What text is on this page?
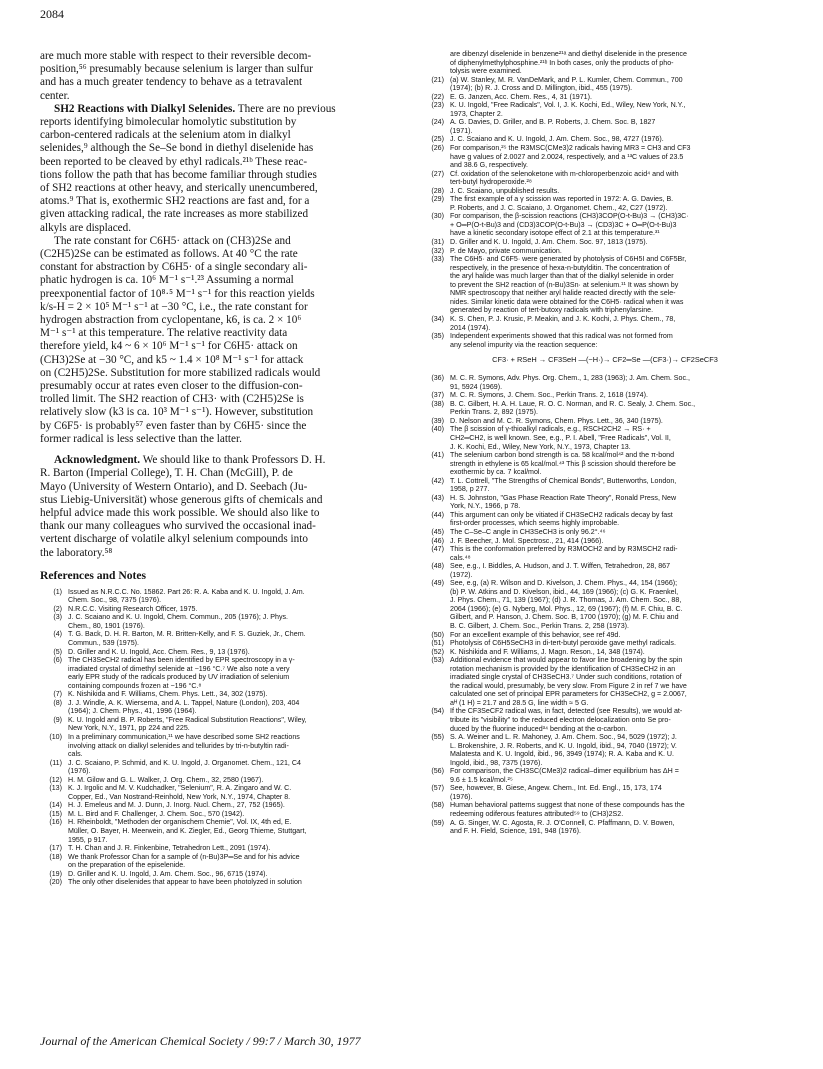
2084

are much more stable with respect to their reversible decom-
position,⁵⁶ presumably because selenium is larger than sulfur
and has a much greater tendency to behave as a tetravalent
center.

SH2 Reactions with Dialkyl Selenides. There are no previous
reports identifying bimolecular homolytic substitution by
carbon-centered radicals at the selenium atom in dialkyl
selenides,⁹ although the Se–Se bond in diethyl diselenide has
been reported to be cleaved by ethyl radicals.²¹ᵇ These reac-
tions follow the path that has become familiar through studies
of SH2 reactions at other heavy, and sterically unencumbered,
atoms.⁹ That is, exothermic SH2 reactions are fast and, for a
given attacking radical, the rate increases as more stabilized
alkyls are displaced.

The rate constant for C6H5· attack on (CH3)2Se and
(C2H5)2Se can be estimated as follows. At 40 °C the rate
constant for abstraction by C6H5· of a single secondary ali-
phatic hydrogen is ca. 10⁶ M⁻¹ s⁻¹.²³ Assuming a normal
preexponential factor of 10⁸·⁵ M⁻¹ s⁻¹ for this reaction yields
k/s-H = 2 × 10⁵ M⁻¹ s⁻¹ at −30 °C, i.e., the rate constant for
hydrogen abstraction from cyclopentane, k6, is ca. 2 × 10⁶
M⁻¹ s⁻¹ at this temperature. The relative reactivity data
therefore yield, k4 ~ 6 × 10⁶ M⁻¹ s⁻¹ for C6H5· attack on
(CH3)2Se at −30 °C, and k5 ~ 1.4 × 10⁸ M⁻¹ s⁻¹ for attack
on (C2H5)2Se. Substitution for more stabilized radicals would
presumably occur at rates even closer to the diffusion-con-
trolled limit. The SH2 reaction of CH3· with (C2H5)2Se is
relatively slow (k3 is ca. 10³ M⁻¹ s⁻¹). However, substitution
by C6F5· is probably⁵⁷ even faster than by C6H5· since the
former radical is less selective than the latter.

Acknowledgment. We should like to thank Professors D. H.
R. Barton (Imperial College), T. H. Chan (McGill), P. de
Mayo (University of Western Ontario), and D. Seebach (Ju-
stus Liebig-Universität) whose generous gifts of chemicals and
helpful advice made this work possible. We should also like to
thank our many colleagues who survived the occasional inad-
vertent discharge of volatile alkyl selenium compounds into
the laboratory.⁵⁸

References and Notes
(1) Issued as N.R.C.C. No. 15862. Part 26: R. A. Kaba and K. U. Ingold, J. Am.
Chem. Soc., 98, 7375 (1976).
(2) N.R.C.C. Visiting Research Officer, 1975.
(3) J. C. Scaiano and K. U. Ingold, Chem. Commun., 205 (1976); J. Phys.
Chem., 80, 1901 (1976).
(4) T. G. Back, D. H. R. Barton, M. R. Britten-Kelly, and F. S. Guziek, Jr., Chem.
Commun., 539 (1975).
(5) D. Griller and K. U. Ingold, Acc. Chem. Res., 9, 13 (1976).
(6) The CH3SeCH2 radical has been identified by EPR spectroscopy in a γ-
irradiated crystal of dimethyl selenide at −196 °C.⁷ We also note a very
early EPR study of the radicals produced by UV irradiation of selenium
containing compounds frozen at −196 °C.⁸
(7) K. Nishikida and F. Williams, Chem. Phys. Lett., 34, 302 (1975).
(8) J. J. Windle, A. K. Wiersema, and A. L. Tappel, Nature (London), 203, 404
(1964); J. Chem. Phys., 41, 1996 (1964).
(9) K. U. Ingold and B. P. Roberts, "Free Radical Substitution Reactions", Wiley,
New York, N.Y., 1971, pp 224 and 225.
(10) In a preliminary communication,¹¹ we have described some SH2 reactions
involving attack on dialkyl selenides and tellurides by tri-n-butyltin radi-
cals.
(11) J. C. Scaiano, P. Schmid, and K. U. Ingold, J. Organomet. Chem., 121, C4
(1976).
(12) H. M. Gilow and G. L. Walker, J. Org. Chem., 32, 2580 (1967).
(13) K. J. Irgolic and M. V. Kudchadker, "Selenium", R. A. Zingaro and W. C.
Copper, Ed., Van Nostrand-Reinhold, New York, N.Y., 1974, Chapter 8.
(14) H. J. Emeleus and M. J. Dunn, J. Inorg. Nucl. Chem., 27, 752 (1965).
(15) M. L. Bird and F. Challenger, J. Chem. Soc., 570 (1942).
(16) H. Rheinboldt, "Methoden der organischem Chemie", Vol. IX, 4th ed, E.
Müller, O. Bayer, H. Meerwein, and K. Ziegler, Ed., Georg Thieme, Stuttgart,
1955, p 917.
(17) T. H. Chan and J. R. Finkenbine, Tetrahedron Lett., 2091 (1974).
(18) We thank Professor Chan for a sample of (n-Bu)3P═Se and for his advice
on the preparation of the episelenide.
(19) D. Griller and K. U. Ingold, J. Am. Chem. Soc., 96, 6715 (1974).
(20) The only other diselenides that appear to have been photolyzed in solution
are dibenzyl diselenide in benzene²¹ᵃ and diethyl diselenide in the presence
of diphenylmethylphosphine.²¹ᵇ In both cases, only the products of pho-
tolysis were examined.
(21) (a) W. Stanley, M. R. VanDeMark, and P. L. Kumler, Chem. Commun., 700
(1974); (b) R. J. Cross and D. Millington, ibid., 455 (1975).
(22) E. G. Janzen, Acc. Chem. Res., 4, 31 (1971).
(23) K. U. Ingold, "Free Radicals", Vol. I, J. K. Kochi, Ed., Wiley, New York, N.Y.,
1973, Chapter 2.
(24) A. G. Davies, D. Griller, and B. P. Roberts, J. Chem. Soc. B, 1827
(1971).
(25) J. C. Scaiano and K. U. Ingold, J. Am. Chem. Soc., 98, 4727 (1976).
(26) For comparison,²⁵ the R3MSC(CMe3)2 radicals having MR3 = CH3 and CF3
have g values of 2.0027 and 2.0024, respectively, and a ¹³C values of 23.5
and 38.6 G, respectively.
(27) Cf. oxidation of the selenoketone with m-chloroperbenzoic acid⁴ and with
tert-butyl hydroperoxide.²⁸
(28) J. C. Scaiano, unpublished results.
(29) The first example of a γ scission was reported in 1972: A. G. Davies, B.
P. Roberts, and J. C. Scaiano, J. Organomet. Chem., 42, C27 (1972).
(30) For comparison, the β-scission reactions (CH3)3COP(O-t-Bu)3 → (CH3)3C·
+ O═P(O-t-Bu)3 and (CD3)3COP(O-t-Bu)3 → (CD3)3C + O═P(O-t-Bu)3
have a kinetic secondary isotope effect of 2.1 at this temperature.³¹
(31) D. Griller and K. U. Ingold, J. Am. Chem. Soc. 97, 1813 (1975).
(32) P. de Mayo, private communication.
(33) The C6H5· and C6F5· were generated by photolysis of C6H5I and C6F5Br,
respectively, in the presence of hexa-n-butylditin. The concentration of
the aryl halide was much larger than that of the dialkyl selenide in order
to prevent the SH2 reaction of (n-Bu)3Sn· at selenium.¹¹ It was shown by
NMR spectroscopy that neither aryl halide reacted directly with the sele-
nides. Similar kinetic data were obtained for the C6H5· radical when it was
generated by reaction of tert-butoxy radicals with triphenylarsine.
(34) K. S. Chen, P. J. Krusic, P. Meakin, and J. K. Kochi, J. Phys. Chem., 78,
2014 (1974).
(35) Independent experiments showed that this radical was not formed from
any selenol impurity via the reaction sequence:
CF3· + RSeH → CF3SeH —(−H·)→ CF2═Se —(CF3·)→ CF2SeCF3
(36) M. C. R. Symons, Adv. Phys. Org. Chem., 1, 283 (1963); J. Am. Chem. Soc.,
91, 5924 (1969).
(37) M. C. R. Symons, J. Chem. Soc., Perkin Trans. 2, 1618 (1974).
(38) B. C. Gilbert, H. A. H. Laue, R. O. C. Norman, and R. C. Sealy, J. Chem. Soc.,
Perkin Trans. 2, 892 (1975).
(39) D. Nelson and M. C. R. Symons, Chem. Phys. Lett., 36, 340 (1975).
(40) The β scission of γ-thioalkyl radicals, e.g., RSCH2CH2 → RS· +
CH2═CH2, is well known. See, e.g., P. I. Abell, "Free Radicals", Vol. II,
J. K. Kochi, Ed., Wiley, New York, N.Y., 1973, Chapter 13.
(41) The selenium carbon bond strength is ca. 58 kcal/mol⁴² and the π-bond
strength in ethylene is 65 kcal/mol.⁴³ This β scission should therefore be
exothermic by ca. 7 kcal/mol.
(42) T. L. Cottrell, "The Strengths of Chemical Bonds", Butterworths, London,
1958, p 277.
(43) H. S. Johnston, "Gas Phase Reaction Rate Theory", Ronald Press, New
York, N.Y., 1966, p 78.
(44) This argument can only be vitiated if CH3SeCH2 radicals decay by fast
first-order processes, which seems highly improbable.
(45) The C–Se–C angle in CH3SeCH3 is only 96.2°.⁴⁶
(46) J. F. Beecher, J. Mol. Spectrosc., 21, 414 (1966).
(47) This is the conformation preferred by R3MOCH2 and by R3MSCH2 radi-
cals.⁴⁸
(48) See, e.g., I. Biddles, A. Hudson, and J. T. Wiffen, Tetrahedron, 28, 867
(1972).
(49) See, e.g, (a) R. Wilson and D. Kivelson, J. Chem. Phys., 44, 154 (1966);
(b) P. W. Atkins and D. Kivelson, ibid., 44, 169 (1966); (c) G. K. Fraenkel,
J. Phys. Chem., 71, 139 (1967); (d) J. R. Thomas, J. Am. Chem. Soc., 88,
2064 (1966); (e) G. Nyberg, Mol. Phys., 12, 69 (1967); (f) M. F. Chiu, B. C.
Gilbert, and P. Hanson, J. Chem. Soc. B, 1700 (1970); (g) M. F. Chiu and
B. C. Gilbert, J. Chem. Soc., Perkin Trans. 2, 258 (1973).
(50) For an excellent example of this behavior, see ref 49d.
(51) Photolysis of C6H5SeCH3 in di-tert-butyl peroxide gave methyl radicals.
(52) K. Nishikida and F. Williams, J. Magn. Reson., 14, 348 (1974).
(53) Additional evidence that would appear to favor line broadening by the spin
rotation mechanism is provided by the identification of CH3SeCH2 in an
irradiated single crystal of CH3SeCH3.⁷ Under such conditions, rotation of
the radical would, presumably, be very slow. From Figure 2 in ref 7 we have
calculated one set of principal EPR parameters for CH3SeCH2, g = 2.0067,
aᴴ (1 H) = 21.7 and 28.5 G, line width ≈ 5 G.
(54) If the CF3SeCF2 radical was, in fact, detected (see Results), we would at-
tribute its "visibility" to the reduced electron delocalization onto Se pro-
duced by the fluorine induced³⁴ bending at the α-carbon.
(55) S. A. Weiner and L. R. Mahoney, J. Am. Chem. Soc., 94, 5029 (1972); J.
L. Brokenshire, J. R. Roberts, and K. U. Ingold, ibid., 94, 7040 (1972); V.
Malatesta and K. U. Ingold, ibid., 96, 3949 (1974); R. A. Kaba and K. U.
Ingold, ibid., 98, 7375 (1976).
(56) For comparison, the CH3SC(CMe3)2 radical–dimer equilibrium has ΔH =
9.6 ± 1.5 kcal/mol.²⁵
(57) See, however, B. Giese, Angew. Chem., Int. Ed. Engl., 15, 173, 174
(1976).
(58) Human behavioral patterns suggest that none of these compounds has the
redeeming odiferous features attributed⁵⁹ to (CH3)2S2.
(59) A. G. Singer, W. C. Agosta, R. J. O'Connell, C. Pfaffmann, D. V. Bowen,
and F. H. Field, Science, 191, 948 (1976).
Journal of the American Chemical Society / 99:7 / March 30, 1977
